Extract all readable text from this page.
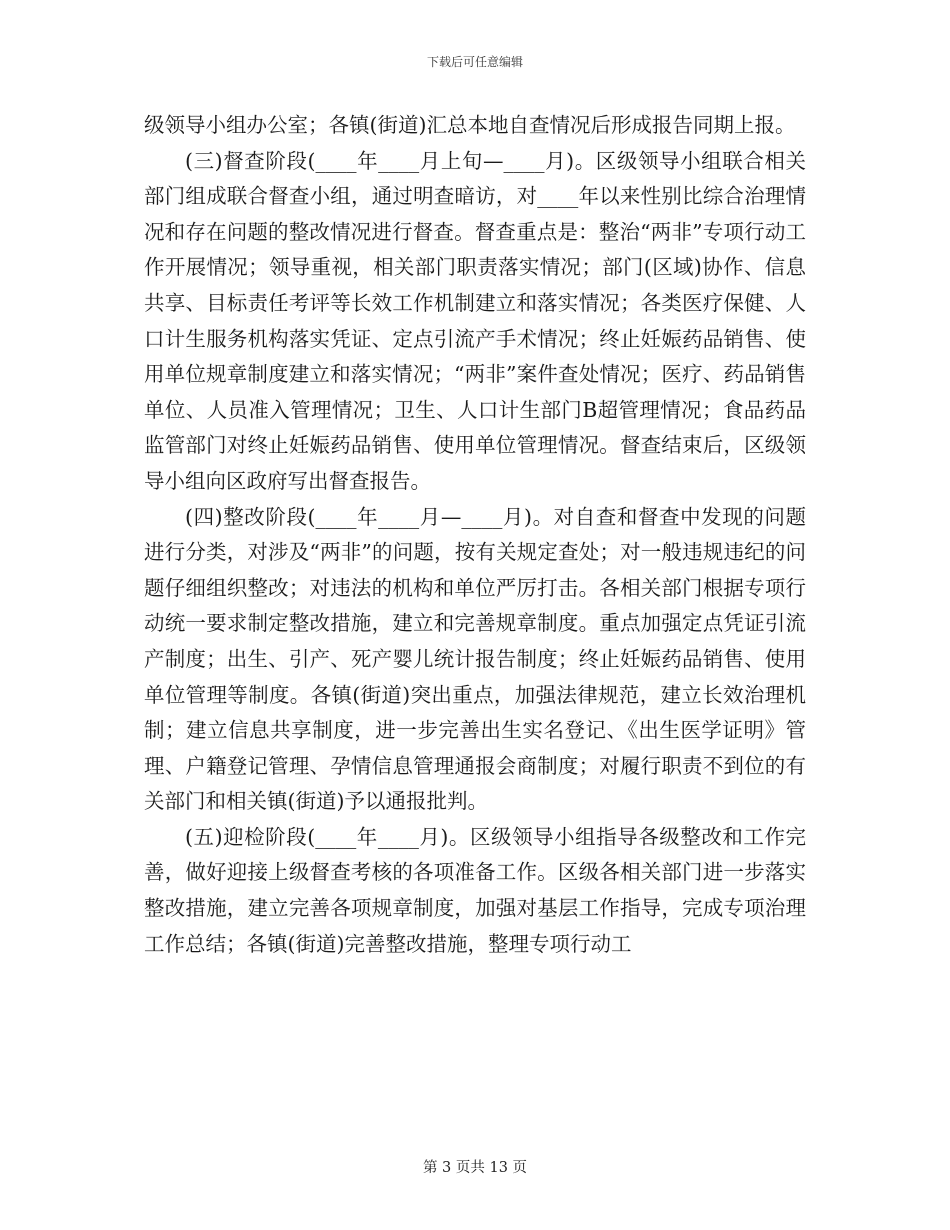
下载后可任意编辑

级领导小组办公室；各镇(街道)汇总本地自查情况后形成报告同期上报。

(三)督查阶段(____年____月上旬—____月)。区级领导小组联合相关部门组成联合督查小组，通过明查暗访，对____年以来性别比综合治理情况和存在问题的整改情况进行督查。督查重点是：整治“两非”专项行动工作开展情况；领导重视，相关部门职责落实情况；部门(区域)协作、信息共享、目标责任考评等长效工作机制建立和落实情况；各类医疗保健、人口计生服务机构落实凭证、定点引流产手术情况；终止妊娠药品销售、使用单位规章制度建立和落实情况；“两非”案件查处情况；医疗、药品销售单位、人员准入管理情况；卫生、人口计生部门B超管理情况；食品药品监管部门对终止妊娠药品销售、使用单位管理情况。督查结束后，区级领导小组向区政府写出督查报告。

(四)整改阶段(____年____月—____月)。对自查和督查中发现的问题进行分类，对涉及“两非”的问题，按有关规定查处；对一般违规违纪的问题仔细组织整改；对违法的机构和单位严厉打击。各相关部门根据专项行动统一要求制定整改措施，建立和完善规章制度。重点加强定点凭证引流产制度；出生、引产、死产婴儿统计报告制度；终止妊娠药品销售、使用单位管理等制度。各镇(街道)突出重点，加强法律规范，建立长效治理机制；建立信息共享制度，进一步完善出生实名登记、《出生医学证明》管理、户籍登记管理、孕情信息管理通报会商制度；对履行职责不到位的有关部门和相关镇(街道)予以通报批判。

(五)迎检阶段(____年____月)。区级领导小组指导各级整改和工作完善，做好迎接上级督查考核的各项准备工作。区级各相关部门进一步落实整改措施，建立完善各项规章制度，加强对基层工作指导，完成专项治理工作总结；各镇(街道)完善整改措施，整理专项行动工

第 3 页共 13 页
